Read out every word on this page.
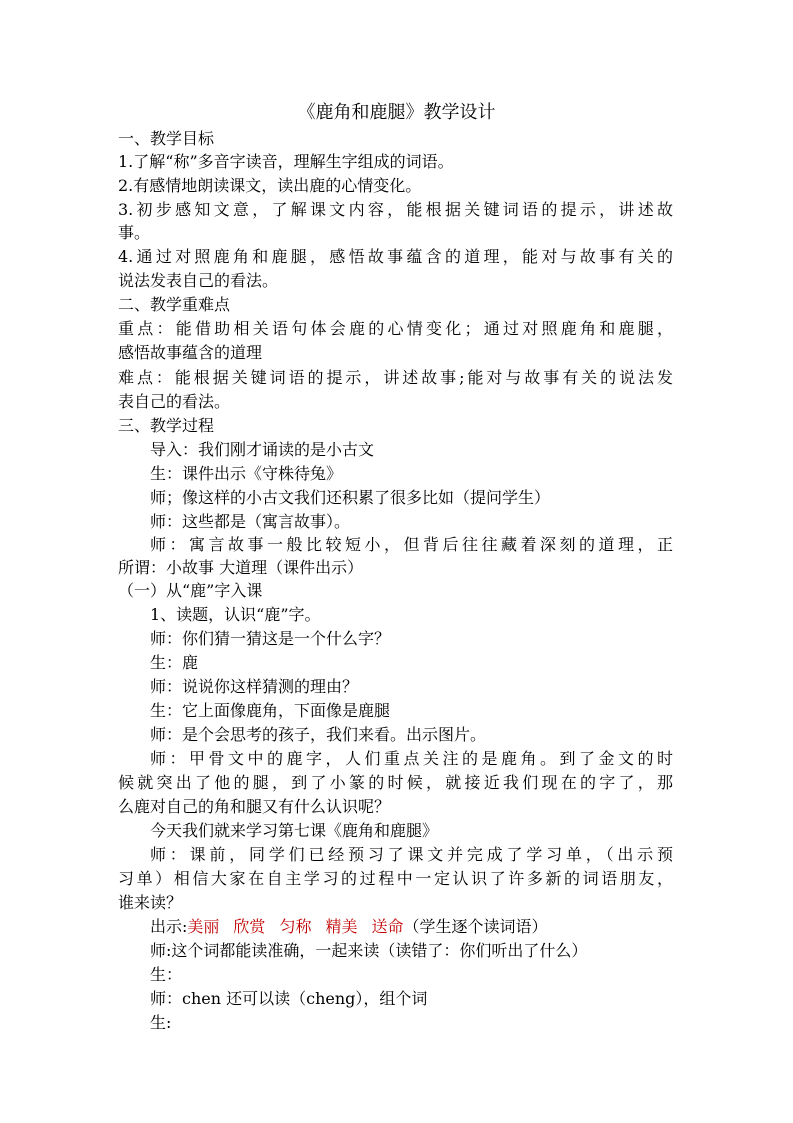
《鹿角和鹿腿》教学设计
一、教学目标
1.了解“称”多音字读音，理解生字组成的词语。
2.有感情地朗读课文，读出鹿的心情变化。
3.初步感知文意，了解课文内容，能根据关键词语的提示，讲述故
事。
4.通过对照鹿角和鹿腿，感悟故事蕴含的道理，能对与故事有关的
说法发表自己的看法。
二、教学重难点
重点：能借助相关语句体会鹿的心情变化；通过对照鹿角和鹿腿，
感悟故事蕴含的道理
难点：能根据关键词语的提示，讲述故事;能对与故事有关的说法发
表自己的看法。
三、教学过程
导入：我们刚才诵读的是小古文
生：课件出示《守株待兔》
师；像这样的小古文我们还积累了很多比如（提问学生）
师：这些都是（寓言故事）。
师：寓言故事一般比较短小，但背后往往藏着深刻的道理，正
所谓：小故事 大道理（课件出示）
（一）从“鹿”字入课
1、读题，认识“鹿”字。
师：你们猜一猜这是一个什么字？
生：鹿
师：说说你这样猜测的理由？
生：它上面像鹿角，下面像是鹿腿
师：是个会思考的孩子，我们来看。出示图片。
师：甲骨文中的鹿字，人们重点关注的是鹿角。到了金文的时
候就突出了他的腿，到了小篆的时候，就接近我们现在的字了，那
么鹿对自己的角和腿又有什么认识呢？
今天我们就来学习第七课《鹿角和鹿腿》
师：课前，同学们已经预习了课文并完成了学习单，（出示预
习单）相信大家在自主学习的过程中一定认识了许多新的词语朋友，
谁来读？
出示:美丽 欣赏 匀称 精美 送命（学生逐个读词语）
师:这个词都能读准确，一起来读（读错了：你们听出了什么）
生：
师：chen 还可以读（cheng），组个词
生:
